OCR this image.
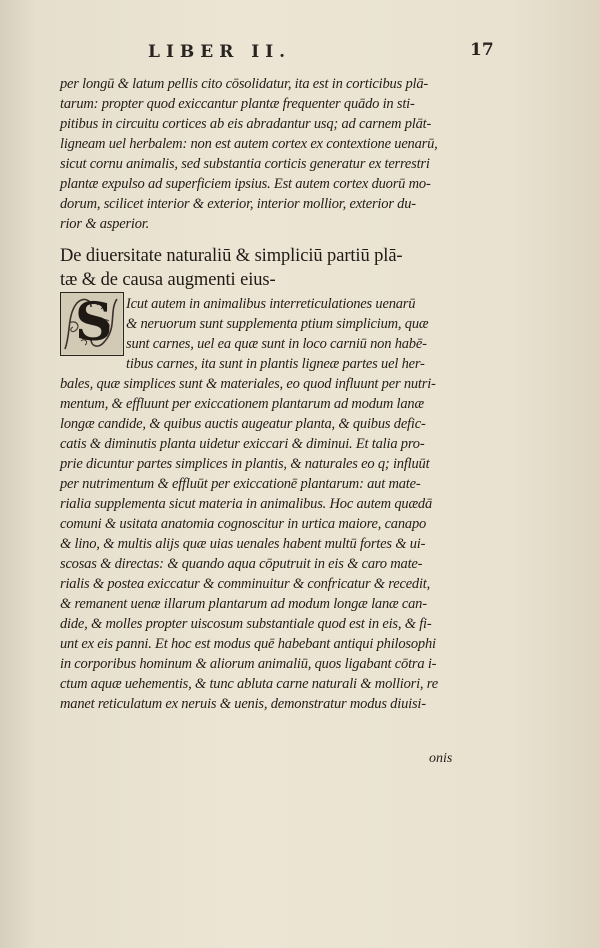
LIBER II.	17
per longū & latum pellis cito cōsolidatur, ita est in corticibus plā-
tarum: propter quod exiccantur plantæ frequenter quādo in sti-
pitibus in circuitu cortices ab eis abradantur usq; ad carnem plāt-
ligneam uel herbalem: non est autem cortex ex contextione uenarū,
sicut cornu animalis, sed substantia corticis generatur ex terrestri
plantæ expulso ad superficiem ipsius. Est autem cortex duorū mo-
dorum, scilicet interior & exterior, interior mollior, exterior du-
rior & asperior.
De diuersitate naturaliū & simpliciū partiū plā-
tæ & de causa augmenti eius-
Icut autem in animalibus interreticulationes uenarū
& neruorum sunt supplementa ptium simplicium, quæ
sunt carnes, uel ea quæ sunt in loco carniū non habē-
tibus carnes, ita sunt in plantis ligneæ partes uel her-
bales, quæ simplices sunt & materiales, eo quod influunt per nutri-
mentum, & effluunt per exiccationem plantarum ad modum lanæ
longæ candide, & quibus auctis augeatur planta, & quibus defic-
catis & diminutis planta uidetur exiccari & diminui. Et talia pro-
prie dicuntur partes simplices in plantis, & naturales eo q; influūt
per nutrimentum & effluūt per exiccationē plantarum: aut mate-
rialia supplementa sicut materia in animalibus. Hoc autem quædā
comuni & usitata anatomia cognoscitur in urtica maiore, canapo
& lino, & multis alijs quæ uias uenales habent multū fortes & ui-
scosas & directas: & quando aqua cōputruit in eis & caro mate-
rialis & postea exiccatur & comminuitur & confricatur & recedit,
& remanent uenæ illarum plantarum ad modum longæ lanæ can-
dide, & molles propter uiscosum substantiale quod est in eis, & fi-
unt ex eis panni. Et hoc est modus quē habebant antiqui philosophi
in corporibus hominum & aliorum animaliū, quos ligabant cōtra i-
ctum aquæ uehementis, & tunc abluta carne naturali & molliori, re
manet reticulatum ex neruis & uenis, demonstratur modus diuisi-
S
onis
